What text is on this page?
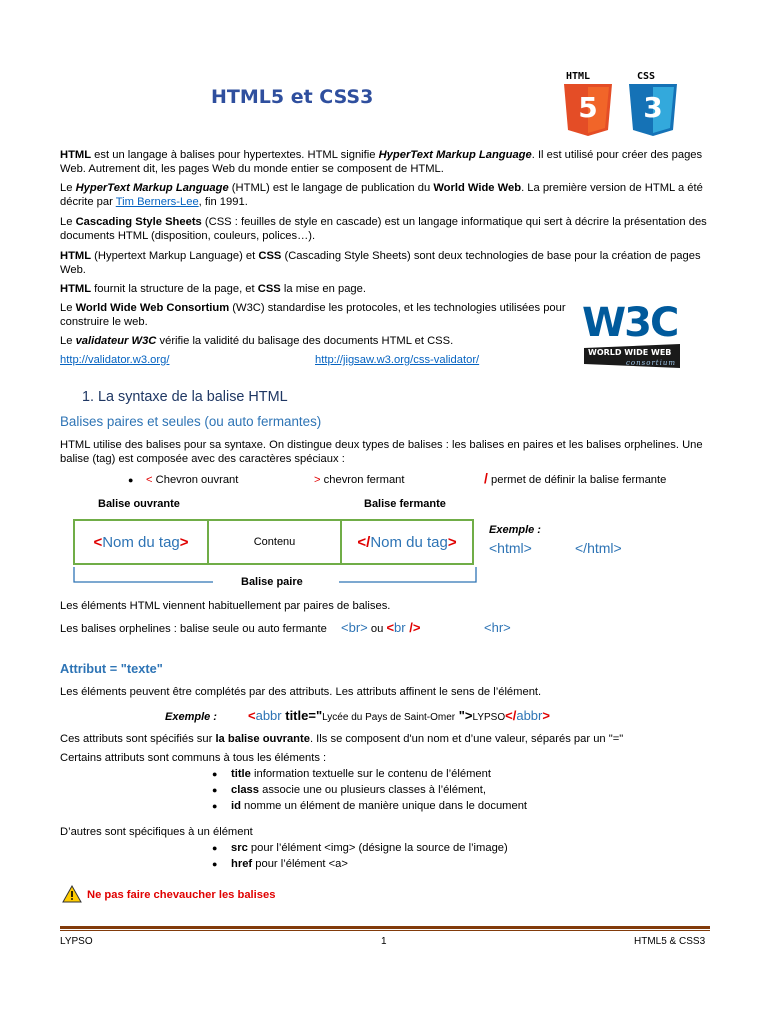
HTML5 et CSS3
HTML
5
CSS
3
HTML est un langage à balises pour hypertextes. HTML signifie HyperText Markup Language. Il est utilisé pour créer des pages Web. Autrement dit, les pages Web du monde entier se composent de HTML.
Le HyperText Markup Language (HTML) est le langage de publication du World Wide Web. La première version de HTML a été décrite par Tim Berners-Lee, fin 1991.
Le Cascading Style Sheets (CSS : feuilles de style en cascade) est un langage informatique qui sert à décrire la présentation des documents HTML (disposition, couleurs, polices…).
HTML (Hypertext Markup Language) et CSS (Cascading Style Sheets) sont deux technologies de base pour la création de pages Web.
HTML fournit la structure de la page, et CSS la mise en page.
Le World Wide Web Consortium (W3C) standardise les protocoles, et les technologies utilisées pour construire le web.
Le validateur W3C vérifie la validité du balisage des documents HTML et CSS.
http://validator.w3.org/	http://jigsaw.w3.org/css-validator/
W3C
WORLD WIDE WEB
consortium
1. La syntaxe de la balise HTML
Balises paires et seules (ou auto fermantes)
HTML utilise des balises pour sa syntaxe. On distingue deux types de balises : les balises en paires et les balises orphelines. Une balise (tag) est composée avec des caractères spéciaux :
● < Chevron ouvrant	> chevron fermant	/ permet de définir la balise fermante
Balise ouvrante	Balise fermante
<Nom du tag>	Contenu	</Nom du tag>
Balise paire
Exemple :
<html>	</html>
Les éléments HTML viennent habituellement par paires de balises.
Les balises orphelines : balise seule ou auto fermante <br> ou <br />	<hr>
Attribut = "texte"
Les éléments peuvent être complétés par des attributs. Les attributs affinent le sens de l’élément.
Exemple : <abbr title="Lycée du Pays de Saint-Omer ">LYPSO</abbr>
Ces attributs sont spécifiés sur la balise ouvrante. Ils se composent d'un nom et d’une valeur, séparés par un "="
Certains attributs sont communs à tous les éléments :
● title information textuelle sur le contenu de l’élément
● class associe une ou plusieurs classes à l’élément,
● id nomme un élément de manière unique dans le document
D’autres sont spécifiques à un élément
● src pour l’élément <img> (désigne la source de l’image)
● href pour l’élément <a>
Ne pas faire chevaucher les balises
LYPSO	1	HTML5 & CSS3
